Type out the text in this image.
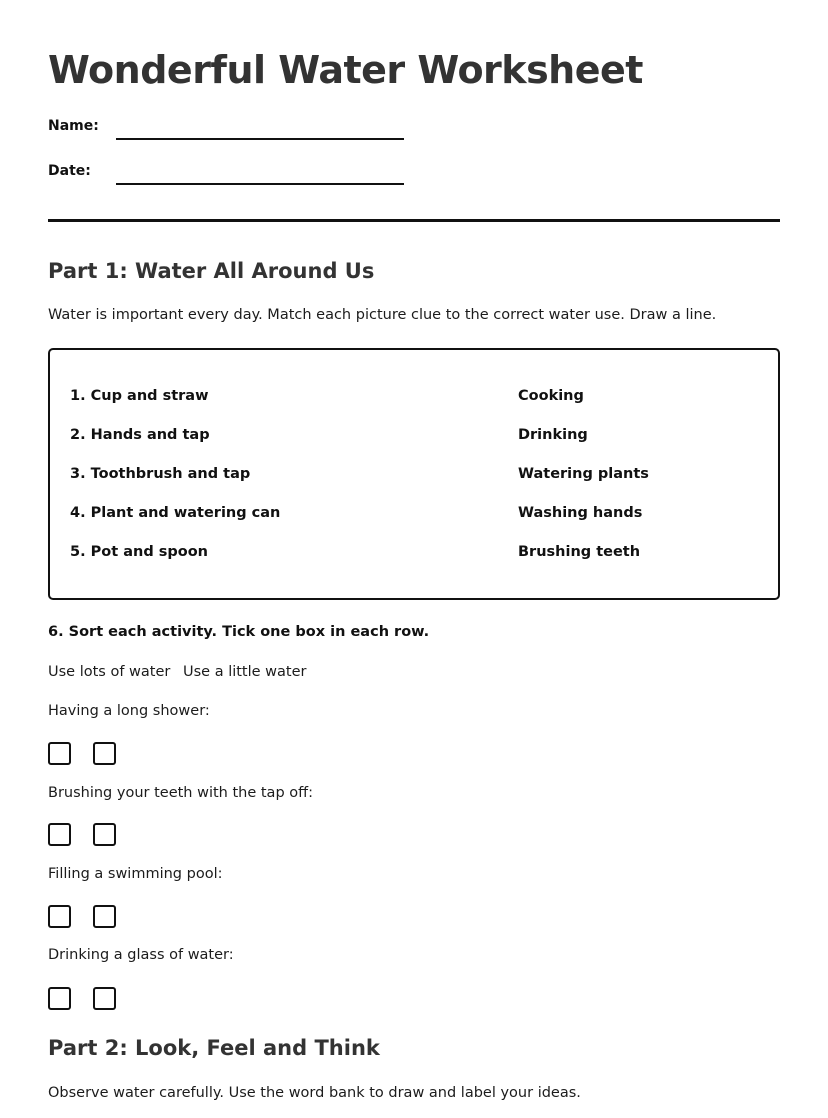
Wonderful Water Worksheet
Name:
Date:
Part 1: Water All Around Us

Water is important every day. Match each picture clue to the correct water use. Draw a line.

1. Cup and straw
2. Hands and tap
3. Toothbrush and tap
4. Plant and watering can
5. Pot and spoon
Cooking
Drinking
Watering plants
Washing hands
Brushing teeth
6. Sort each activity. Tick one box in each row.
Use lots of water Use a little water
Having a long shower:
Brushing your teeth with the tap off:
Filling a swimming pool:
Drinking a glass of water:
Part 2: Look, Feel and Think

Observe water carefully. Use the word bank to draw and label your ideas.
